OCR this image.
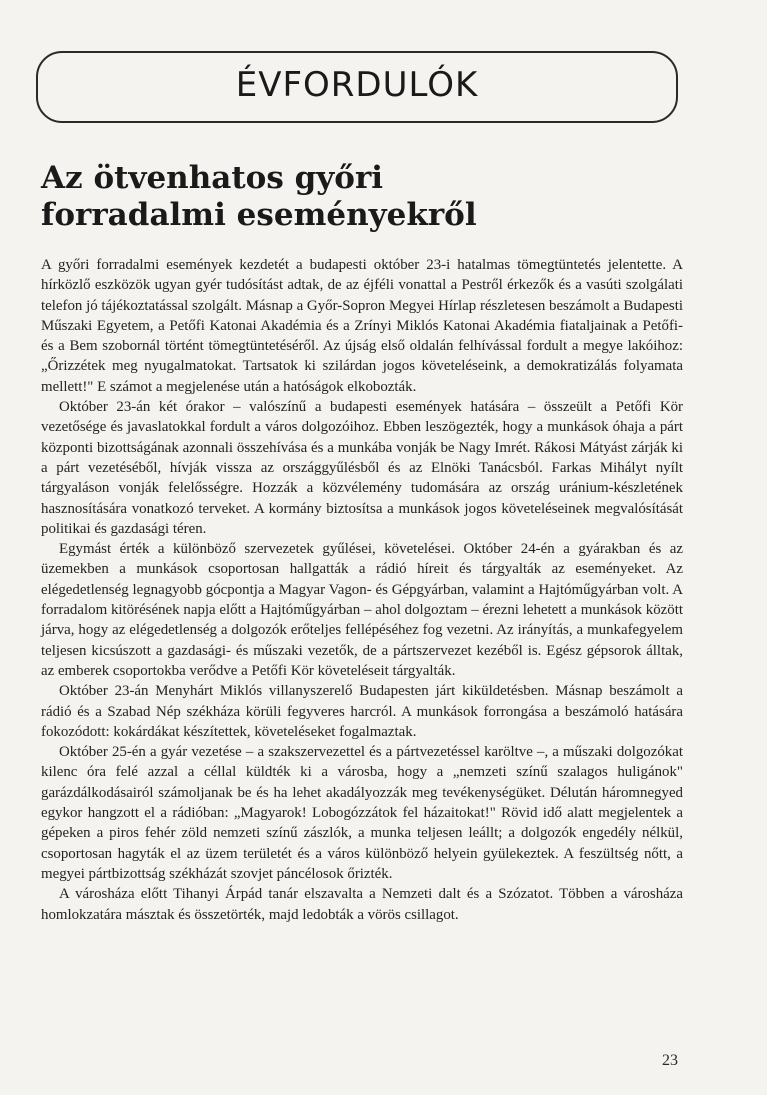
ÉVFORDULÓK
Az ötvenhatos győri forradalmi eseményekről

A győri forradalmi események kezdetét a budapesti október 23-i hatalmas tömegtüntetés jelentette. A hírközlő eszközök ugyan gyér tudósítást adtak, de az éjféli vonattal a Pestről érkezők és a vasúti szolgálati telefon jó tájékoztatással szolgált. Másnap a Győr-Sopron Megyei Hírlap részletesen beszámolt a Budapesti Műszaki Egyetem, a Petőfi Katonai Akadémia és a Zrínyi Miklós Katonai Akadémia fiataljainak a Petőfi- és a Bem szobornál történt tömegtüntetéséről. Az újság első oldalán felhívással fordult a megye lakóihoz: „Őrizzétek meg nyugalmatokat. Tartsatok ki szilárdan jogos követeléseink, a demokratizálás folyamata mellett!" E számot a megjelenése után a hatóságok elkobozták.

Október 23-án két órakor – valószínű a budapesti események hatására – összeült a Petőfi Kör vezetősége és javaslatokkal fordult a város dolgozóihoz. Ebben leszögezték, hogy a munkások óhaja a párt központi bizottságának azonnali összehívása és a munkába vonják be Nagy Imrét. Rákosi Mátyást zárják ki a párt vezetéséből, hívják vissza az országgyűlésből és az Elnöki Tanácsból. Farkas Mihályt nyílt tárgyaláson vonják felelősségre. Hozzák a közvélemény tudomására az ország uránium-készletének hasznosítására vonatkozó terveket. A kormány biztosítsa a munkások jogos követeléseinek megvalósítását politikai és gazdasági téren.

Egymást érték a különböző szervezetek gyűlései, követelései. Október 24-én a gyárakban és az üzemekben a munkások csoportosan hallgatták a rádió híreit és tárgyalták az eseményeket. Az elégedetlenség legnagyobb gócpontja a Magyar Vagon- és Gépgyárban, valamint a Hajtóműgyárban volt. A forradalom kitörésének napja előtt a Hajtóműgyárban – ahol dolgoztam – érezni lehetett a munkások között járva, hogy az elégedetlenség a dolgozók erőteljes fellépéséhez fog vezetni. Az irányítás, a munkafegyelem teljesen kicsúszott a gazdasági- és műszaki vezetők, de a pártszervezet kezéből is. Egész gépsorok álltak, az emberek csoportokba verődve a Petőfi Kör követeléseit tárgyalták.

Október 23-án Menyhárt Miklós villanyszerelő Budapesten járt kiküldetésben. Másnap beszámolt a rádió és a Szabad Nép székháza körüli fegyveres harcról. A munkások forrongása a beszámoló hatására fokozódott: kokárdákat készítettek, követeléseket fogalmaztak.

Október 25-én a gyár vezetése – a szakszervezettel és a pártvezetéssel karöltve –, a műszaki dolgozókat kilenc óra felé azzal a céllal küldték ki a városba, hogy a „nemzeti színű szalagos huligánok" garázdálkodásairól számoljanak be és ha lehet akadályozzák meg tevékenységüket. Délután háromnegyed egykor hangzott el a rádióban: „Magyarok! Lobogózzátok fel házaitokat!" Rövid idő alatt megjelentek a gépeken a piros fehér zöld nemzeti színű zászlók, a munka teljesen leállt; a dolgozók engedély nélkül, csoportosan hagyták el az üzem területét és a város különböző helyein gyülekeztek. A feszültség nőtt, a megyei pártbizottság székházát szovjet páncélosok őrizték.

A városháza előtt Tihanyi Árpád tanár elszavalta a Nemzeti dalt és a Szózatot. Többen a városháza homlokzatára másztak és összetörték, majd ledobták a vörös csillagot.

23
